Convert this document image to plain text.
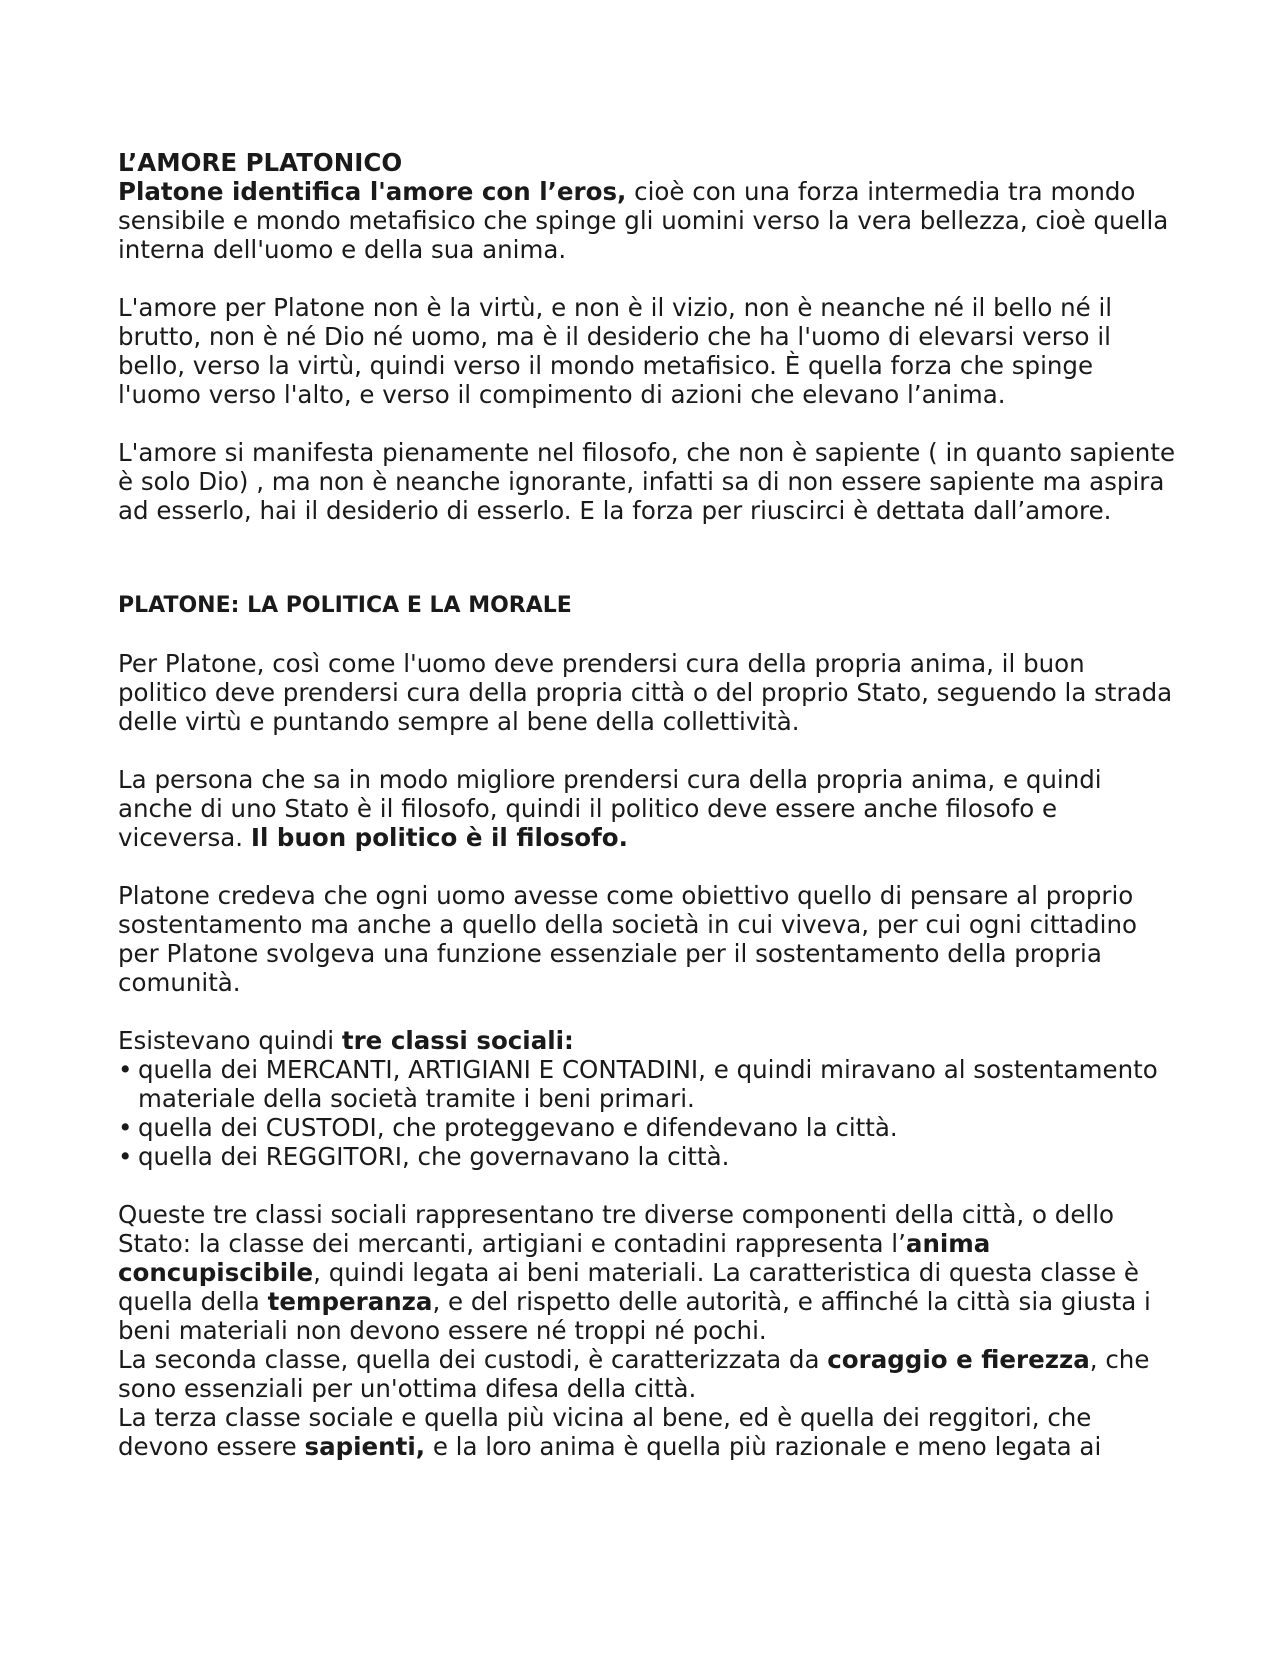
L’AMORE PLATONICO

Platone identifica l'amore con l’eros, cioè con una forza intermedia tra mondo sensibile e mondo metafisico che spinge gli uomini verso la vera bellezza, cioè quella interna dell'uomo e della sua anima.

L'amore per Platone non è la virtù, e non è il vizio, non è neanche né il bello né il brutto, non è né Dio né uomo, ma è il desiderio che ha l'uomo di elevarsi verso il bello, verso la virtù, quindi verso il mondo metafisico. È quella forza che spinge l'uomo verso l'alto, e verso il compimento di azioni che elevano l’anima.

L'amore si manifesta pienamente nel filosofo, che non è sapiente ( in quanto sapiente è solo Dio) , ma non è neanche ignorante, infatti sa di non essere sapiente ma aspira ad esserlo, hai il desiderio di esserlo. E la forza per riuscirci è dettata dall’amore.

PLATONE: LA POLITICA E LA MORALE

Per Platone, così come l'uomo deve prendersi cura della propria anima, il buon politico deve prendersi cura della propria città o del proprio Stato, seguendo la strada delle virtù e puntando sempre al bene della collettività.

La persona che sa in modo migliore prendersi cura della propria anima, e quindi anche di uno Stato è il filosofo, quindi il politico deve essere anche filosofo e viceversa. Il buon politico è il filosofo.

Platone credeva che ogni uomo avesse come obiettivo quello di pensare al proprio sostentamento ma anche a quello della società in cui viveva, per cui ogni cittadino per Platone svolgeva una funzione essenziale per il sostentamento della propria comunità.

Esistevano quindi tre classi sociali:

• quella dei MERCANTI, ARTIGIANI E CONTADINI, e quindi miravano al sostentamento materiale della società tramite i beni primari.
• quella dei CUSTODI, che proteggevano e difendevano la città.
• quella dei REGGITORI, che governavano la città.

Queste tre classi sociali rappresentano tre diverse componenti della città, o dello Stato: la classe dei mercanti, artigiani e contadini rappresenta l’anima concupiscibile, quindi legata ai beni materiali. La caratteristica di questa classe è quella della temperanza, e del rispetto delle autorità, e affinché la città sia giusta i beni materiali non devono essere né troppi né pochi.

La seconda classe, quella dei custodi, è caratterizzata da coraggio e fierezza, che sono essenziali per un'ottima difesa della città.

La terza classe sociale e quella più vicina al bene, ed è quella dei reggitori, che devono essere sapienti, e la loro anima è quella più razionale e meno legata ai
